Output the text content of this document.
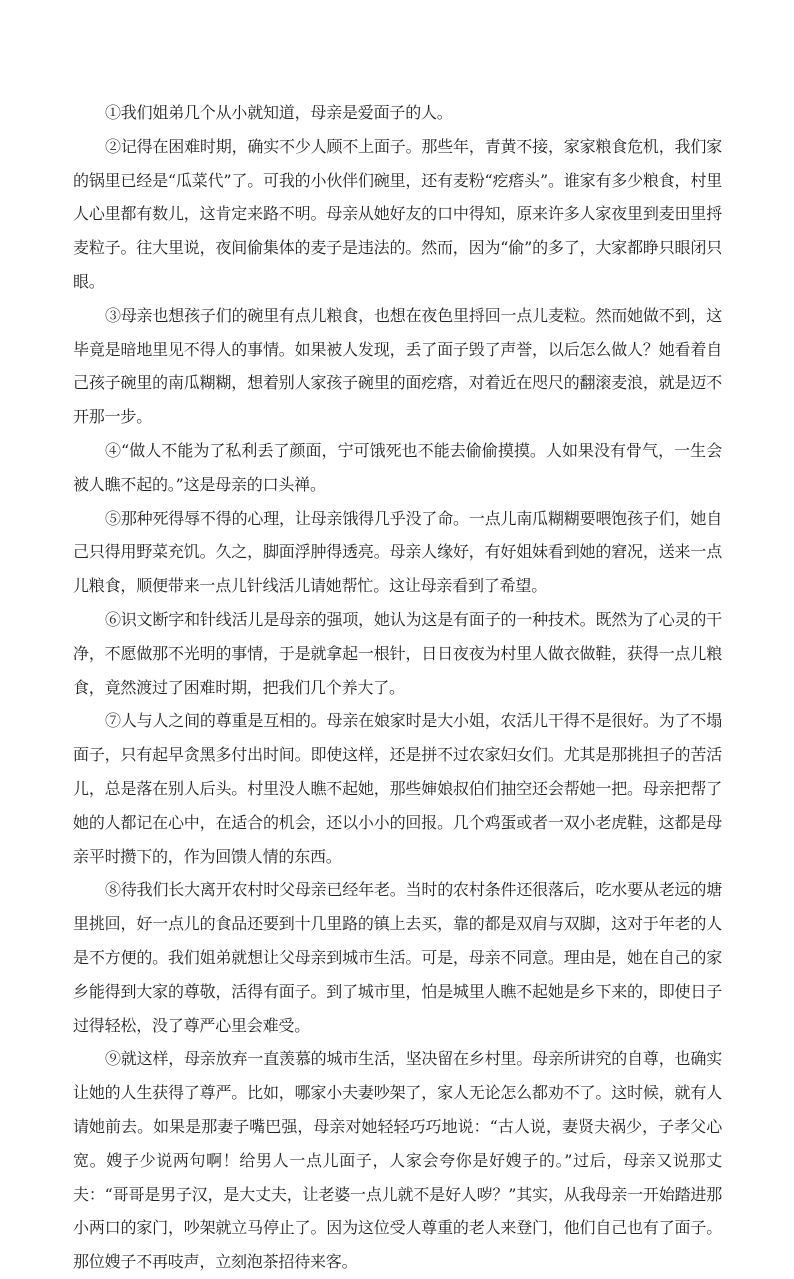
①我们姐弟几个从小就知道，母亲是爱面子的人。

②记得在困难时期，确实不少人顾不上面子。那些年，青黄不接，家家粮食危机，我们家的锅里已经是“瓜菜代”了。可我的小伙伴们碗里，还有麦粉“疙瘩头”。谁家有多少粮食，村里人心里都有数儿，这肯定来路不明。母亲从她好友的口中得知，原来许多人家夜里到麦田里捋麦粒子。往大里说，夜间偷集体的麦子是违法的。然而，因为“偷”的多了，大家都睁只眼闭只眼。

③母亲也想孩子们的碗里有点儿粮食，也想在夜色里捋回一点儿麦粒。然而她做不到，这毕竟是暗地里见不得人的事情。如果被人发现，丢了面子毁了声誉，以后怎么做人？她看着自己孩子碗里的南瓜糊糊，想着别人家孩子碗里的面疙瘩，对着近在咫尺的翻滚麦浪，就是迈不开那一步。

④“做人不能为了私利丢了颜面，宁可饿死也不能去偷偷摸摸。人如果没有骨气，一生会被人瞧不起的。”这是母亲的口头禅。

⑤那种死得辱不得的心理，让母亲饿得几乎没了命。一点儿南瓜糊糊要喂饱孩子们，她自己只得用野菜充饥。久之，脚面浮肿得透亮。母亲人缘好，有好姐妹看到她的窘况，送来一点儿粮食，顺便带来一点儿针线活儿请她帮忙。这让母亲看到了希望。

⑥识文断字和针线活儿是母亲的强项，她认为这是有面子的一种技术。既然为了心灵的干净，不愿做那不光明的事情，于是就拿起一根针，日日夜夜为村里人做衣做鞋，获得一点儿粮食，竟然渡过了困难时期，把我们几个养大了。

⑦人与人之间的尊重是互相的。母亲在娘家时是大小姐，农活儿干得不是很好。为了不塌面子，只有起早贪黑多付出时间。即使这样，还是拼不过农家妇女们。尤其是那挑担子的苦活儿，总是落在别人后头。村里没人瞧不起她，那些婶娘叔伯们抽空还会帮她一把。母亲把帮了她的人都记在心中，在适合的机会，还以小小的回报。几个鸡蛋或者一双小老虎鞋，这都是母亲平时攒下的，作为回馈人情的东西。

⑧待我们长大离开农村时父母亲已经年老。当时的农村条件还很落后，吃水要从老远的塘里挑回，好一点儿的食品还要到十几里路的镇上去买，靠的都是双肩与双脚，这对于年老的人是不方便的。我们姐弟就想让父母亲到城市生活。可是，母亲不同意。理由是，她在自己的家乡能得到大家的尊敬，活得有面子。到了城市里，怕是城里人瞧不起她是乡下来的，即使日子过得轻松，没了尊严心里会难受。

⑨就这样，母亲放弃一直羡慕的城市生活，坚决留在乡村里。母亲所讲究的自尊，也确实让她的人生获得了尊严。比如，哪家小夫妻吵架了，家人无论怎么都劝不了。这时候，就有人请她前去。如果是那妻子嘴巴强，母亲对她轻轻巧巧地说：“古人说，妻贤夫祸少，子孝父心宽。嫂子少说两句啊！给男人一点儿面子，人家会夸你是好嫂子的。”过后，母亲又说那丈夫：“哥哥是男子汉，是大丈夫，让老婆一点儿就不是好人哕？”其实，从我母亲一开始踏进那小两口的家门，吵架就立马停止了。因为这位受人尊重的老人来登门，他们自己也有了面子。那位嫂子不再吱声，立刻泡茶招待来客。
